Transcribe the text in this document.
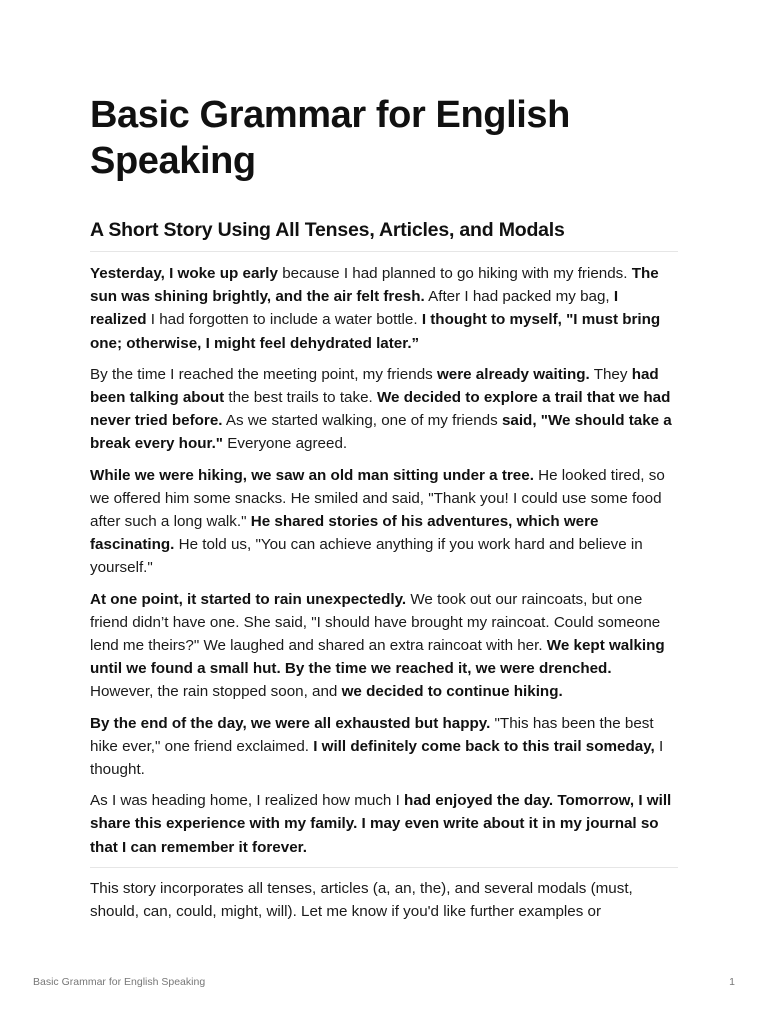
Basic Grammar for English Speaking
A Short Story Using All Tenses, Articles, and Modals

Yesterday, I woke up early because I had planned to go hiking with my friends. The sun was shining brightly, and the air felt fresh. After I had packed my bag, I realized I had forgotten to include a water bottle. I thought to myself, "I must bring one; otherwise, I might feel dehydrated later.”

By the time I reached the meeting point, my friends were already waiting. They had been talking about the best trails to take. We decided to explore a trail that we had never tried before. As we started walking, one of my friends said, "We should take a break every hour." Everyone agreed.

While we were hiking, we saw an old man sitting under a tree. He looked tired, so we offered him some snacks. He smiled and said, "Thank you! I could use some food after such a long walk." He shared stories of his adventures, which were fascinating. He told us, "You can achieve anything if you work hard and believe in yourself."

At one point, it started to rain unexpectedly. We took out our raincoats, but one friend didn’t have one. She said, "I should have brought my raincoat. Could someone lend me theirs?" We laughed and shared an extra raincoat with her. We kept walking until we found a small hut. By the time we reached it, we were drenched. However, the rain stopped soon, and we decided to continue hiking.

By the end of the day, we were all exhausted but happy. "This has been the best hike ever," one friend exclaimed. I will definitely come back to this trail someday, I thought.

As I was heading home, I realized how much I had enjoyed the day. Tomorrow, I will share this experience with my family. I may even write about it in my journal so that I can remember it forever.

This story incorporates all tenses, articles (a, an, the), and several modals (must, should, can, could, might, will). Let me know if you'd like further examples or

Basic Grammar for English Speaking	1
